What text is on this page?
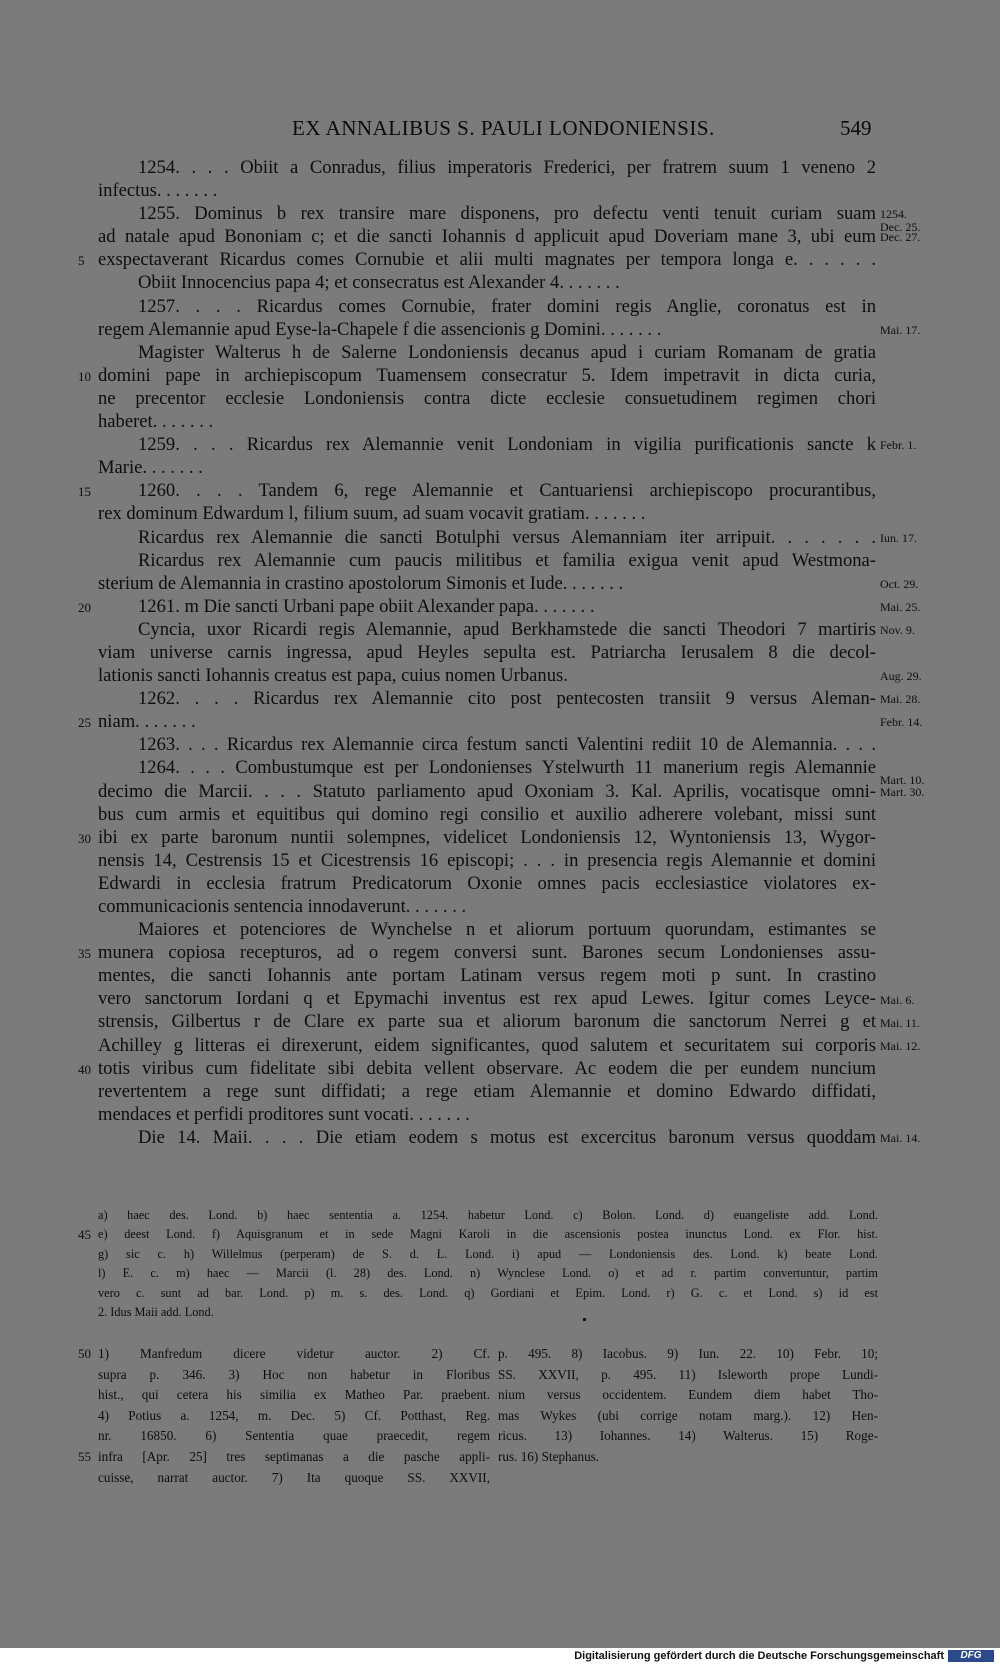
EX ANNALIBUS S. PAULI LONDONIENSIS.	549
1254. . . . Obiit a Conradus, filius imperatoris Frederici, per fratrem suum 1 veneno 2
infectus. . . . . . .
1255. Dominus b rex transire mare disponens, pro defectu venti tenuit curiam suam
ad natale apud Bononiam c; et die sancti Iohannis d applicuit apud Doveriam mane 3, ubi eum
5 exspectaverant Ricardus comes Cornubie et alii multi magnates per tempora longa e. . . . . .
Obiit Innocencius papa 4; et consecratus est Alexander 4. . . . . . .
1257. . . . Ricardus comes Cornubie, frater domini regis Anglie, coronatus est in
regem Alemannie apud Eyse-la-Chapele f die assencionis g Domini. . . . . . .
Magister Walterus h de Salerne Londoniensis decanus apud i curiam Romanam de gratia
10 domini pape in archiepiscopum Tuamensem consecratur 5. Idem impetravit in dicta curia,
ne precentor ecclesie Londoniensis contra dicte ecclesie consuetudinem regimen chori
haberet. . . . . . .
1259. . . . Ricardus rex Alemannie venit Londoniam in vigilia purificationis sancte k
Marie. . . . . . .
15	1260. . . . Tandem 6, rege Alemannie et Cantuariensi archiepiscopo procurantibus,
rex dominum Edwardum l, filium suum, ad suam vocavit gratiam. . . . . . .
Ricardus rex Alemannie die sancti Botulphi versus Alemanniam iter arripuit. . . . . . .
Ricardus rex Alemannie cum paucis militibus et familia exigua venit apud Westmona-
sterium de Alemannia in crastino apostolorum Simonis et Iude. . . . . . .
20	1261. m Die sancti Urbani pape obiit Alexander papa. . . . . . .
Cyncia, uxor Ricardi regis Alemannie, apud Berkhamstede die sancti Theodori 7 martiris
viam universe carnis ingressa, apud Heyles sepulta est. Patriarcha Ierusalem 8 die decol-
lationis sancti Iohannis creatus est papa, cuius nomen Urbanus.
1262. . . . Ricardus rex Alemannie cito post pentecosten transiit 9 versus Aleman-
25 niam. . . . . . .
1263. . . . Ricardus rex Alemannie circa festum sancti Valentini rediit 10 de Alemannia. . . .
1264. . . . Combustumque est per Londonienses Ystelwurth 11 manerium regis Alemannie
decimo die Marcii. . . . Statuto parliamento apud Oxoniam 3. Kal. Aprilis, vocatisque omni-
bus cum armis et equitibus qui domino regi consilio et auxilio adherere volebant, missi sunt
30 ibi ex parte baronum nuntii solempnes, videlicet Londoniensis 12, Wyntoniensis 13, Wygor-
nensis 14, Cestrensis 15 et Cicestrensis 16 episcopi; . . . in presencia regis Alemannie et domini
Edwardi in ecclesia fratrum Predicatorum Oxonie omnes pacis ecclesiastice violatores ex-
communicacionis sentencia innodaverunt. . . . . . .
Maiores et potenciores de Wynchelse n et aliorum portuum quorundam, estimantes se
35 munera copiosa recepturos, ad o regem conversi sunt. Barones secum Londonienses assu-
mentes, die sancti Iohannis ante portam Latinam versus regem moti p sunt. In crastino
vero sanctorum Iordani q et Epymachi inventus est rex apud Lewes. Igitur comes Leyce-
strensis, Gilbertus r de Clare ex parte sua et aliorum baronum die sanctorum Nerrei g et
Achilley g litteras ei direxerunt, eidem significantes, quod salutem et securitatem sui corporis
40 totis viribus cum fidelitate sibi debita vellent observare. Ac eodem die per eundem nuncium
revertentem a rege sunt diffidati; a rege etiam Alemannie et domino Edwardo diffidati,
mendaces et perfidi proditores sunt vocati. . . . . . .
Die 14. Maii. . . . Die etiam eodem s motus est excercitus baronum versus quoddam
1254.
Dec. 25.
Dec. 27.
Mai. 17.
Febr. 1.
Iun. 17.
Oct. 29.
Mai. 25.
Nov. 9.
Aug. 29.
Mai. 28.
Febr. 14.
Mart. 10.
Mart. 30.
Mai. 6.
Mai. 11.
Mai. 12.
Mai. 14.
a) haec des. Lond. b) haec sententia a. 1254. habetur Lond. c) Bolon. Lond. d) euangeliste add. Lond.
45 e) deest Lond. f) Aquisgranum et in sede Magni Karoli in die ascensionis postea inunctus Lond. ex Flor. hist.
g) sic c. h) Willelmus (perperam) de S. d. L. Lond. i) apud — Londoniensis des. Lond. k) beate Lond.
l) E. c. m) haec — Marcii (l. 28) des. Lond. n) Wynclese Lond. o) et ad r. partim convertuntur, partim
vero c. sunt ad bar. Lond. p) m. s. des. Lond. q) Gordiani et Epim. Lond. r) G. c. et Lond. s) id est
2. Idus Maii add. Lond.
50 1) Manfredum dicere videtur auctor. 2) Cf.
supra p. 346. 3) Hoc non habetur in Floribus
hist., qui cetera his similia ex Matheo Par. praebent.
4) Potius a. 1254, m. Dec. 5) Cf. Potthast, Reg.
nr. 16850. 6) Sententia quae praecedit, regem
55 infra [Apr. 25] tres septimanas a die pasche appli-
cuisse, narrat auctor. 7) Ita quoque SS. XXVII,
p. 495. 8) Iacobus. 9) Iun. 22. 10) Febr. 10;
SS. XXVII, p. 495. 11) Isleworth prope Lundi-
nium versus occidentem. Eundem diem habet Tho-
mas Wykes (ubi corrige notam marg.). 12) Hen-
ricus. 13) Iohannes. 14) Walterus. 15) Roge-
rus. 16) Stephanus.
Digitalisierung gefördert durch die Deutsche Forschungsgemeinschaft	DFG
